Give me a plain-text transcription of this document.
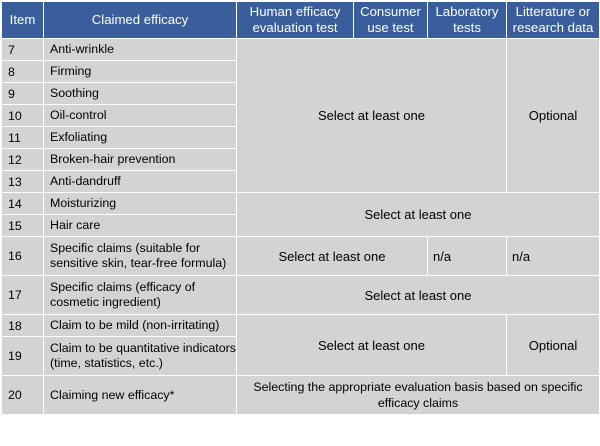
Item	Claimed efficacy	Human efficacy evaluation test	Consumer use test	Laboratory tests	Litterature or research data
7	Anti-wrinkle	Select at least one			Optional
8	Firming				
9	Soothing				
10	Oil-control				
11	Exfoliating				
12	Broken-hair prevention				
13	Anti-dandruff				
14	Moisturizing	Select at least one			
15	Hair care				
16	Specific claims (suitable for sensitive skin, tear-free formula)	Select at least one		n/a	n/a
17	Specific claims (efficacy of cosmetic ingredient)	Select at least one			
18	Claim to be mild (non-irritating)	Select at least one			Optional
19	Claim to be quantitative indicators (time, statistics, etc.)				
20	Claiming new efficacy*	Selecting the appropriate evaluation basis based on specific efficacy claims			
